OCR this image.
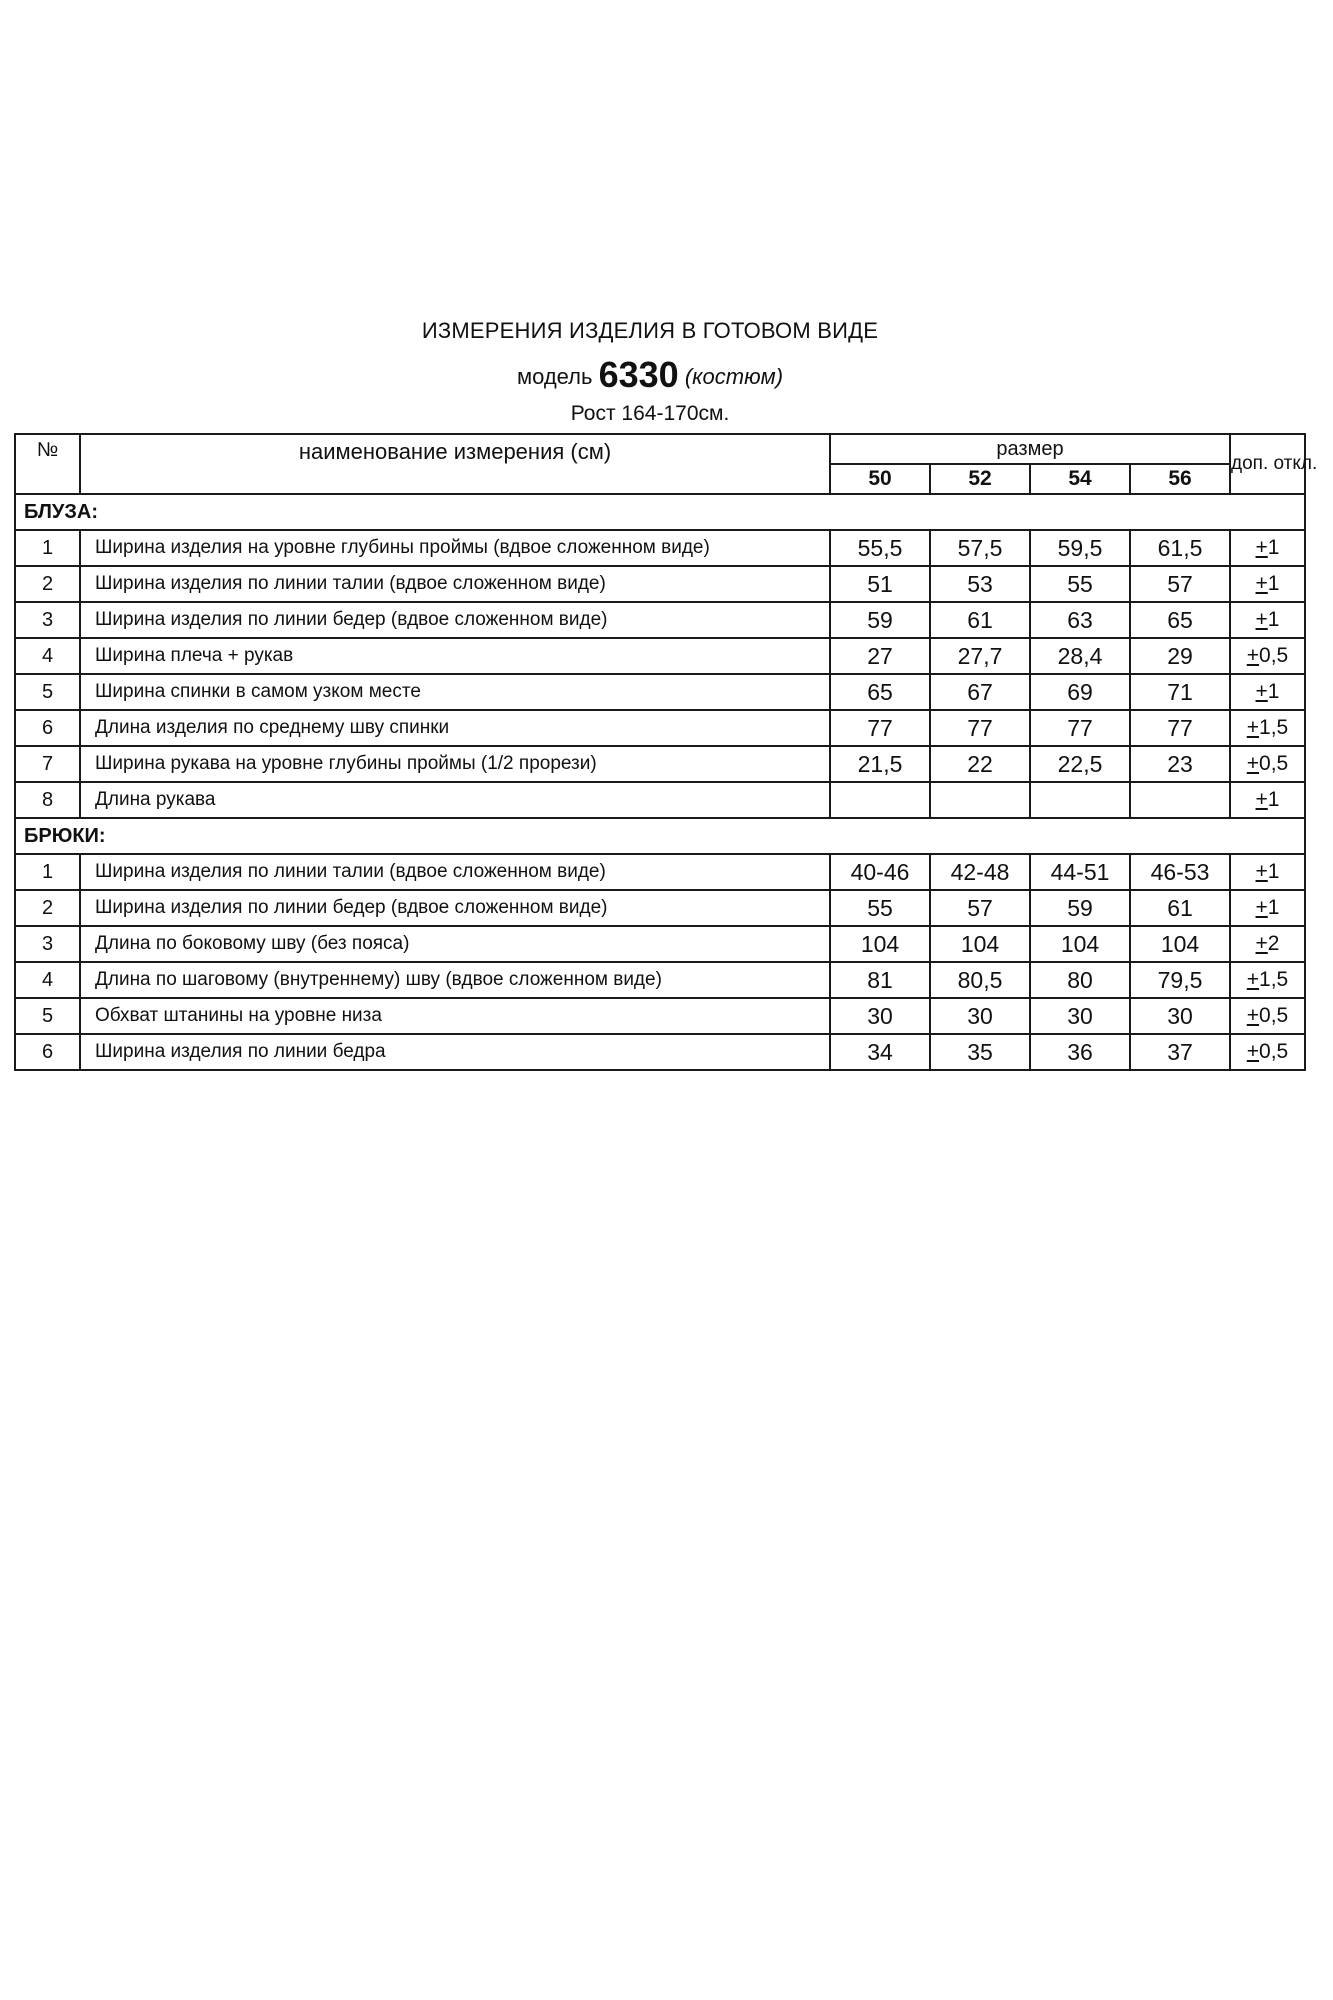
ИЗМЕРЕНИЯ ИЗДЕЛИЯ В ГОТОВОМ ВИДЕ
модель 6330 (костюм)
Рост 164-170см.
№	наименование измерения (см)	размер				доп. откл.
		50	52	54	56	
БЛУЗА:						
1	Ширина изделия на уровне глубины проймы (вдвое сложенном виде)	55,5	57,5	59,5	61,5	+1
2	Ширина изделия по линии талии (вдвое сложенном виде)	51	53	55	57	+1
3	Ширина изделия по линии бедер (вдвое сложенном виде)	59	61	63	65	+1
4	Ширина плеча + рукав	27	27,7	28,4	29	+0,5
5	Ширина спинки в самом узком месте	65	67	69	71	+1
6	Длина изделия по среднему шву спинки	77	77	77	77	+1,5
7	Ширина рукава на уровне глубины проймы (1/2 прорези)	21,5	22	22,5	23	+0,5
8	Длина рукава					+1
БРЮКИ:						
1	Ширина изделия по линии талии (вдвое сложенном виде)	40-46	42-48	44-51	46-53	+1
2	Ширина изделия по линии бедер (вдвое сложенном виде)	55	57	59	61	+1
3	Длина по боковому шву (без пояса)	104	104	104	104	+2
4	Длина по шаговому (внутреннему) шву (вдвое сложенном виде)	81	80,5	80	79,5	+1,5
5	Обхват штанины на уровне низа	30	30	30	30	+0,5
6	Ширина изделия по линии бедра	34	35	36	37	+0,5
